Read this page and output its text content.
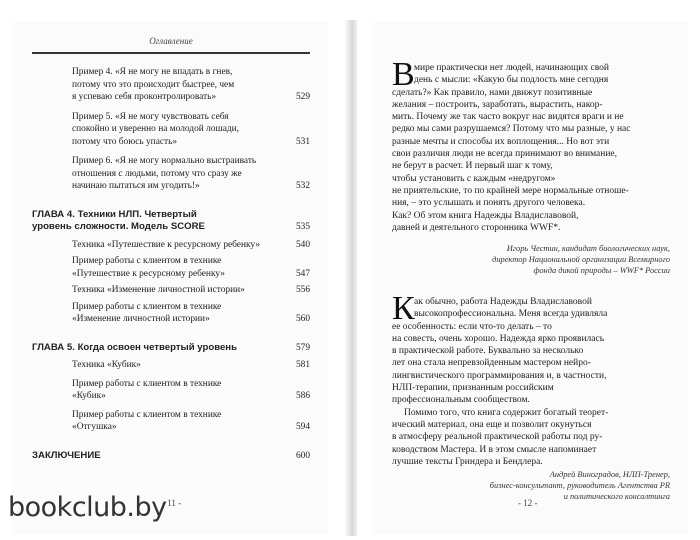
Оглавление
Пример 4. «Я не могу не впадать в гнев,
потому что это происходит быстрее, чем
я успеваю себя проконтролировать»	529
Пример 5. «Я не могу чувствовать себя
спокойно и уверенно на молодой лошади,
потому что боюсь упасть»	531
Пример 6. «Я не могу нормально выстраивать
отношения с людьми, потому что сразу же
начинаю пытаться им угодить!»	532
ГЛАВА 4. Техники НЛП. Четвертый
уровень сложности. Модель SCORE	535
Техника «Путешествие к ресурсному ребенку»	540
Пример работы с клиентом в технике
«Путешествие к ресурсному ребенку»	547
Техника «Изменение личностной истории»	556
Пример работы с клиентом в технике
«Изменение личностной истории»	560
ГЛАВА 5. Когда освоен четвертый уровень	579
Техника «Кубик»	581
Пример работы с клиентом в технике
«Кубик»	586
Пример работы с клиентом в технике
«Отгушка»	594
ЗАКЛЮЧЕНИЕ	600
- 11 -
В мире практически нет людей, начинающих свой
день с мысли: «Какую бы подлость мне сегодня
сделать?» Как правило, нами движут позитивные
желания – построить, заработать, вырастить, накор-
мить. Почему же так часто вокруг нас видятся враги и не
редко мы сами разрушаемся? Потому что мы разные, у нас
разные мечты и способы их воплощения... Но вот эти
свои различия люди не всегда принимают во внимание,
не берут в расчет. И первый шаг к тому,
чтобы установить с каждым «недругом»
не приятельские, то по крайней мере нормальные отноше-
ния, – это услышать и понять другого человека.
Как? Об этом книга Надежды Владиславовой,
давней и деятельного сторонника WWF*.
Игорь Честин, кандидат биологических наук,
директор Национальной организации Всемирного
фонда дикой природы – WWF* России
К ак обычно, работа Надежды Владиславовой
высокопрофессиональна. Меня всегда удивляла
ее особенность: если что-то делать – то
на совесть, очень хорошо. Надежда ярко проявилась
в практической работе. Буквально за несколько
лет она стала непревзойденным мастером нейро-
лингвистического программирования и, в частности,
НЛП-терапии, признанным российским
профессиональным сообществом.
Помимо того, что книга содержит богатый теорет-
ический материал, она еще и позволит окунуться
в атмосферу реальной практической работы под ру-
ководством Мастера. И в этом смысле напоминает
лучшие тексты Гриндера и Бендлера.
Андрей Виноградов, НЛП-Тренер,
бизнес-консультант, руководитель Агентства PR
и политического консалтинга
- 12 -
bookclub.by
